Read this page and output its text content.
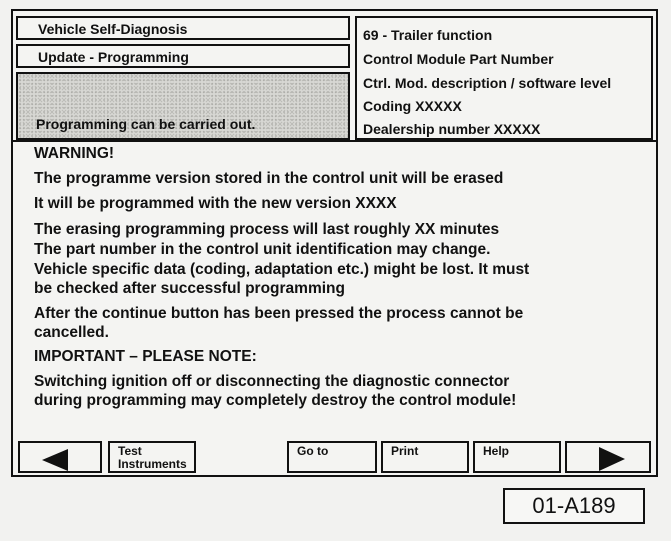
Vehicle Self-Diagnosis
Update - Programming
Programming can be carried out.
69 - Trailer function
Control Module Part Number
Ctrl. Mod. description / software level
Coding XXXXX
Dealership number XXXXX
WARNING!
The programme version stored in the control unit will be erased
It will be programmed with the new version XXXX
The erasing programming process will last roughly XX minutes
The part number in the control unit identification may change.
Vehicle specific data (coding, adaptation etc.) might be lost. It must
be checked after successful programming
After the continue button has been pressed the process cannot be
cancelled.
IMPORTANT – PLEASE NOTE:
Switching ignition off or disconnecting the diagnostic connector
during programming may completely destroy the control module!
Test
Instruments
Go to	Print	Help
01-A189
